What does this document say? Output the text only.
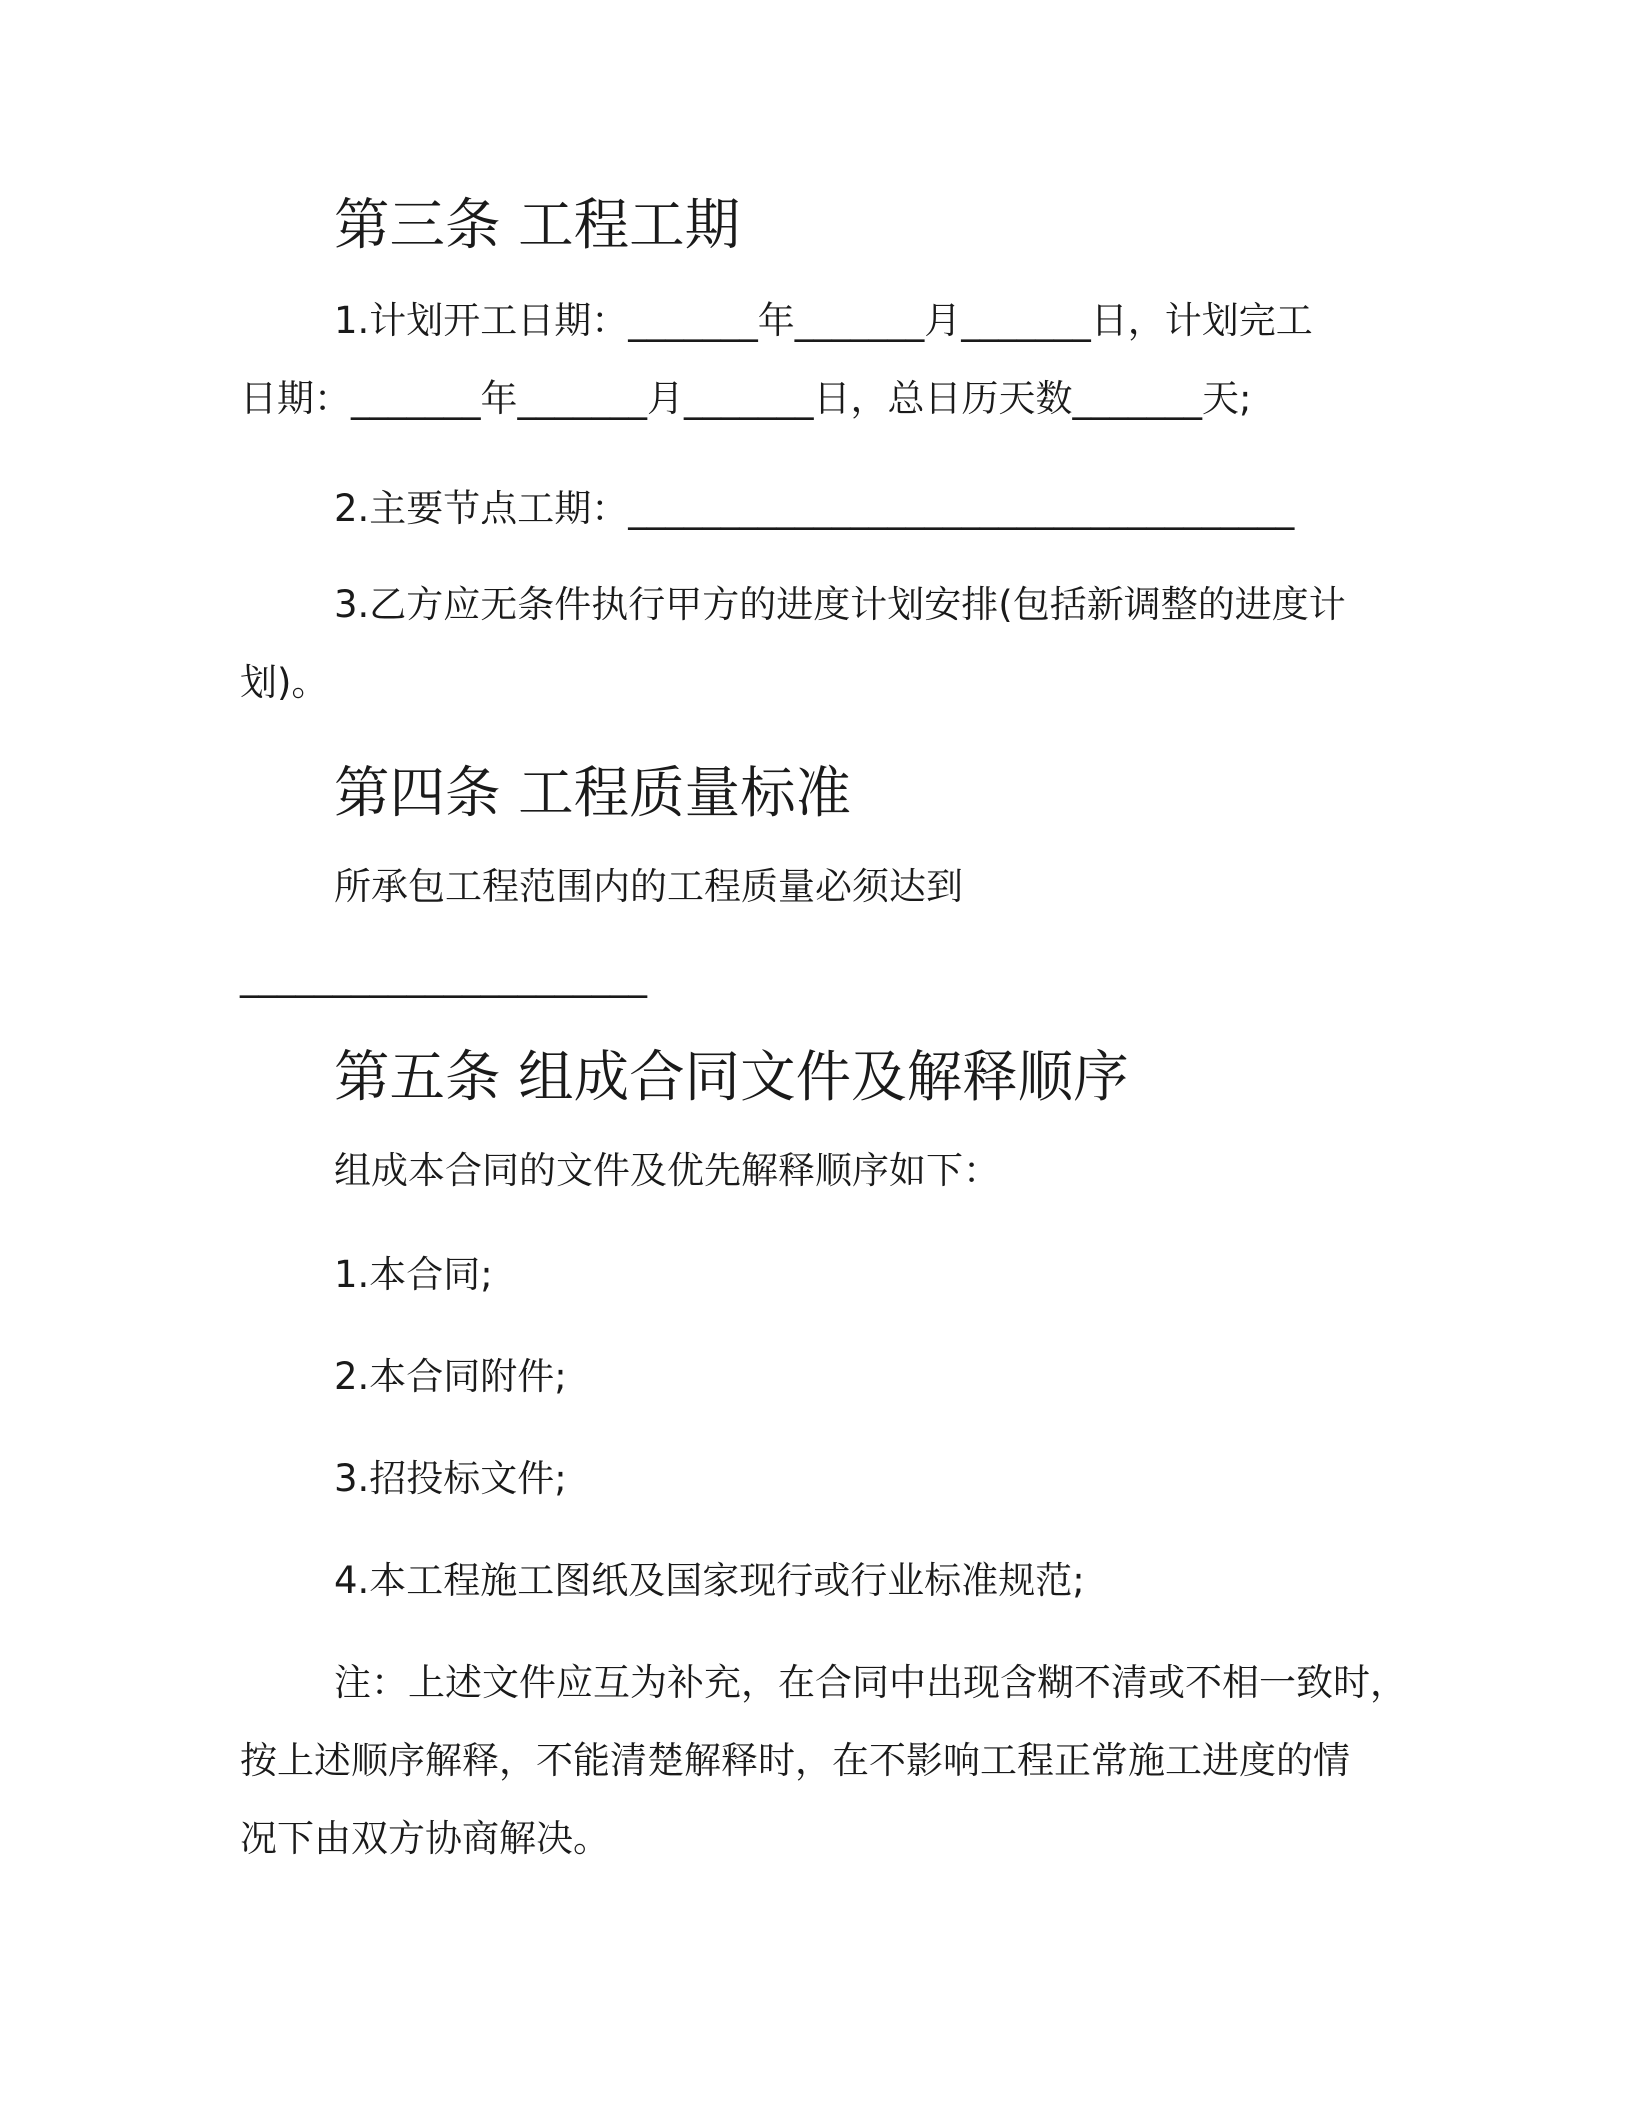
第三条 工程工期

1.计划开工日期：_______年_______月_______日，计划完工

日期：_______年_______月_______日，总日历天数_______天;

2.主要节点工期：____________________________________

3.乙方应无条件执行甲方的进度计划安排(包括新调整的进度计

划)。

第四条 工程质量标准

所承包工程范围内的工程质量必须达到

______________________

第五条 组成合同文件及解释顺序

组成本合同的文件及优先解释顺序如下：

1.本合同;

2.本合同附件;

3.招投标文件;

4.本工程施工图纸及国家现行或行业标准规范;

注：上述文件应互为补充，在合同中出现含糊不清或不相一致时，

按上述顺序解释，不能清楚解释时，在不影响工程正常施工进度的情

况下由双方协商解决。
